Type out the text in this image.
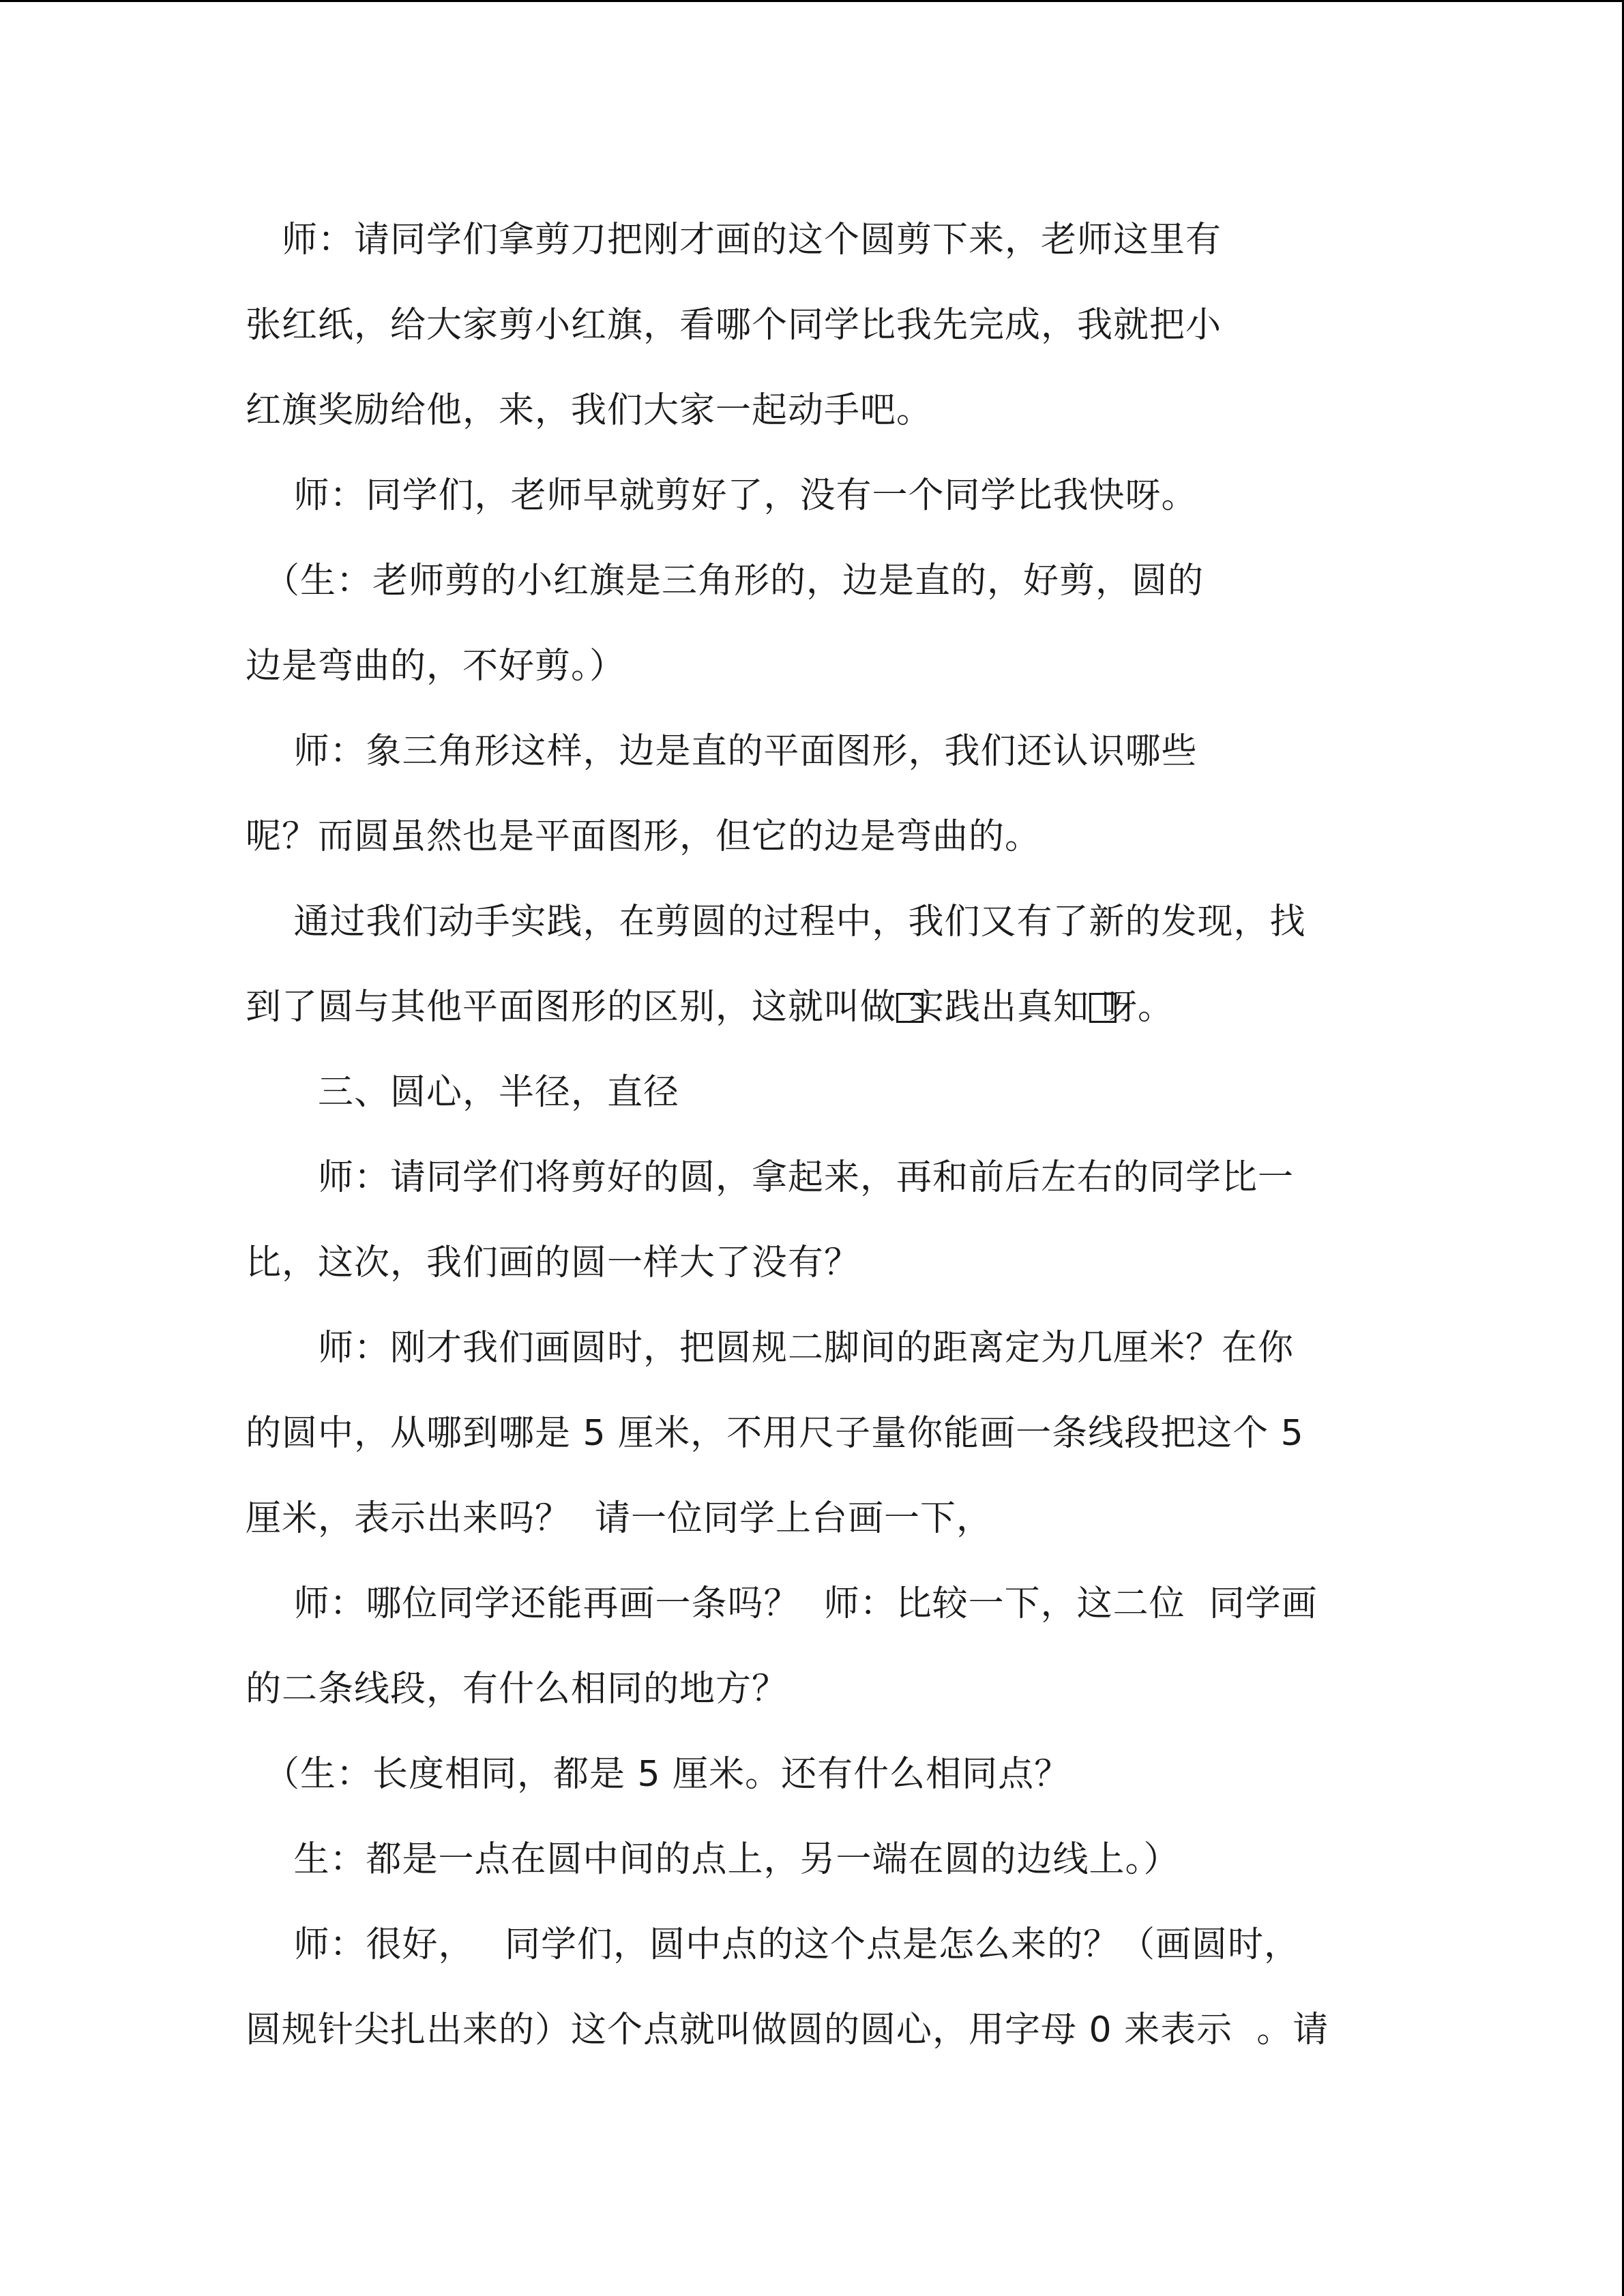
　师：请同学们拿剪刀把刚才画的这个圆剪下来，老师这里有
张红纸，给大家剪小红旗，看哪个同学比我先完成，我就把小
红旗奖励给他，来，我们大家一起动手吧。
　 师：同学们，老师早就剪好了，没有一个同学比我快呀。
　（生：老师剪的小红旗是三角形的，边是直的，好剪，圆的
边是弯曲的，不好剪。）
　 师：象三角形这样，边是直的平面图形，我们还认识哪些
呢？而圆虽然也是平面图形，但它的边是弯曲的。
　 通过我们动手实践，在剪圆的过程中，我们又有了新的发现，找
到了圆与其他平面图形的区别，这就叫做 实践出真知 呀。
　　三、圆心，半径，直径
　　师：请同学们将剪好的圆，拿起来，再和前后左右的同学比一
比，这次，我们画的圆一样大了没有？
　　师：刚才我们画圆时，把圆规二脚间的距离定为几厘米？在你
的圆中，从哪到哪是 5 厘米，不用尺子量你能画一条线段把这个 5
厘米，表示出来吗？  请一位同学上台画一下，
　 师：哪位同学还能再画一条吗？  师：比较一下，这二位  同学画
的二条线段，有什么相同的地方？
　（生：长度相同，都是 5 厘米。还有什么相同点？
　 生：都是一点在圆中间的点上，另一端在圆的边线上。）
　 师：很好，　 同学们，圆中点的这个点是怎么来的？（画圆时，
圆规针尖扎出来的）这个点就叫做圆的圆心，用字母 0 来表示  。请
